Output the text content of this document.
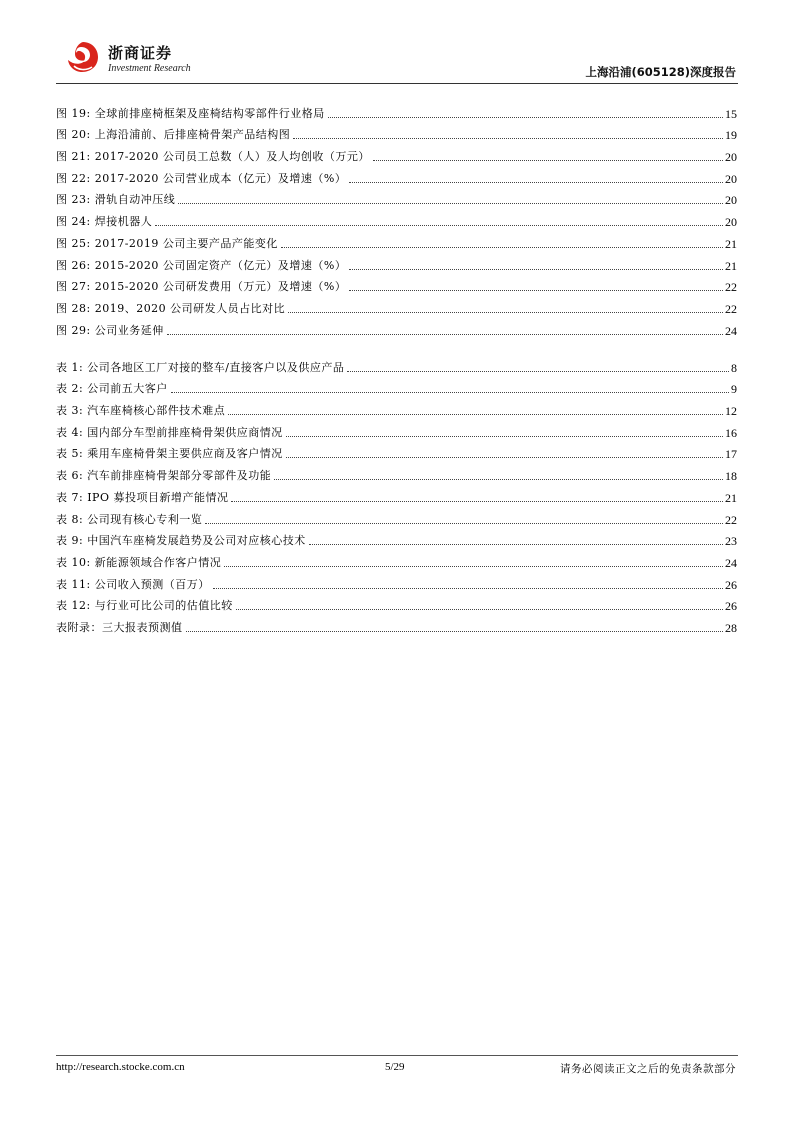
浙商证券
Investment Research	上海沿浦(605128)深度报告
图 19: 全球前排座椅框架及座椅结构零部件行业格局	15
图 20: 上海沿浦前、后排座椅骨架产品结构图	19
图 21: 2017-2020 公司员工总数（人）及人均创收（万元）	20
图 22: 2017-2020 公司营业成本（亿元）及增速（%）	20
图 23: 滑轨自动冲压线	20
图 24: 焊接机器人	20
图 25: 2017-2019 公司主要产品产能变化	21
图 26: 2015-2020 公司固定资产（亿元）及增速（%）	21
图 27: 2015-2020 公司研发费用（万元）及增速（%）	22
图 28: 2019、2020 公司研发人员占比对比	22
图 29: 公司业务延伸	24
表 1: 公司各地区工厂对接的整车/直接客户以及供应产品	8
表 2: 公司前五大客户	9
表 3: 汽车座椅核心部件技术难点	12
表 4: 国内部分车型前排座椅骨架供应商情况	16
表 5: 乘用车座椅骨架主要供应商及客户情况	17
表 6: 汽车前排座椅骨架部分零部件及功能	18
表 7: IPO 募投项目新增产能情况	21
表 8: 公司现有核心专利一览	22
表 9: 中国汽车座椅发展趋势及公司对应核心技术	23
表 10: 新能源领域合作客户情况	24
表 11: 公司收入预测（百万）	26
表 12: 与行业可比公司的估值比较	26
表附录：三大报表预测值	28
http://research.stocke.com.cn	5/29	请务必阅读正文之后的免责条款部分
